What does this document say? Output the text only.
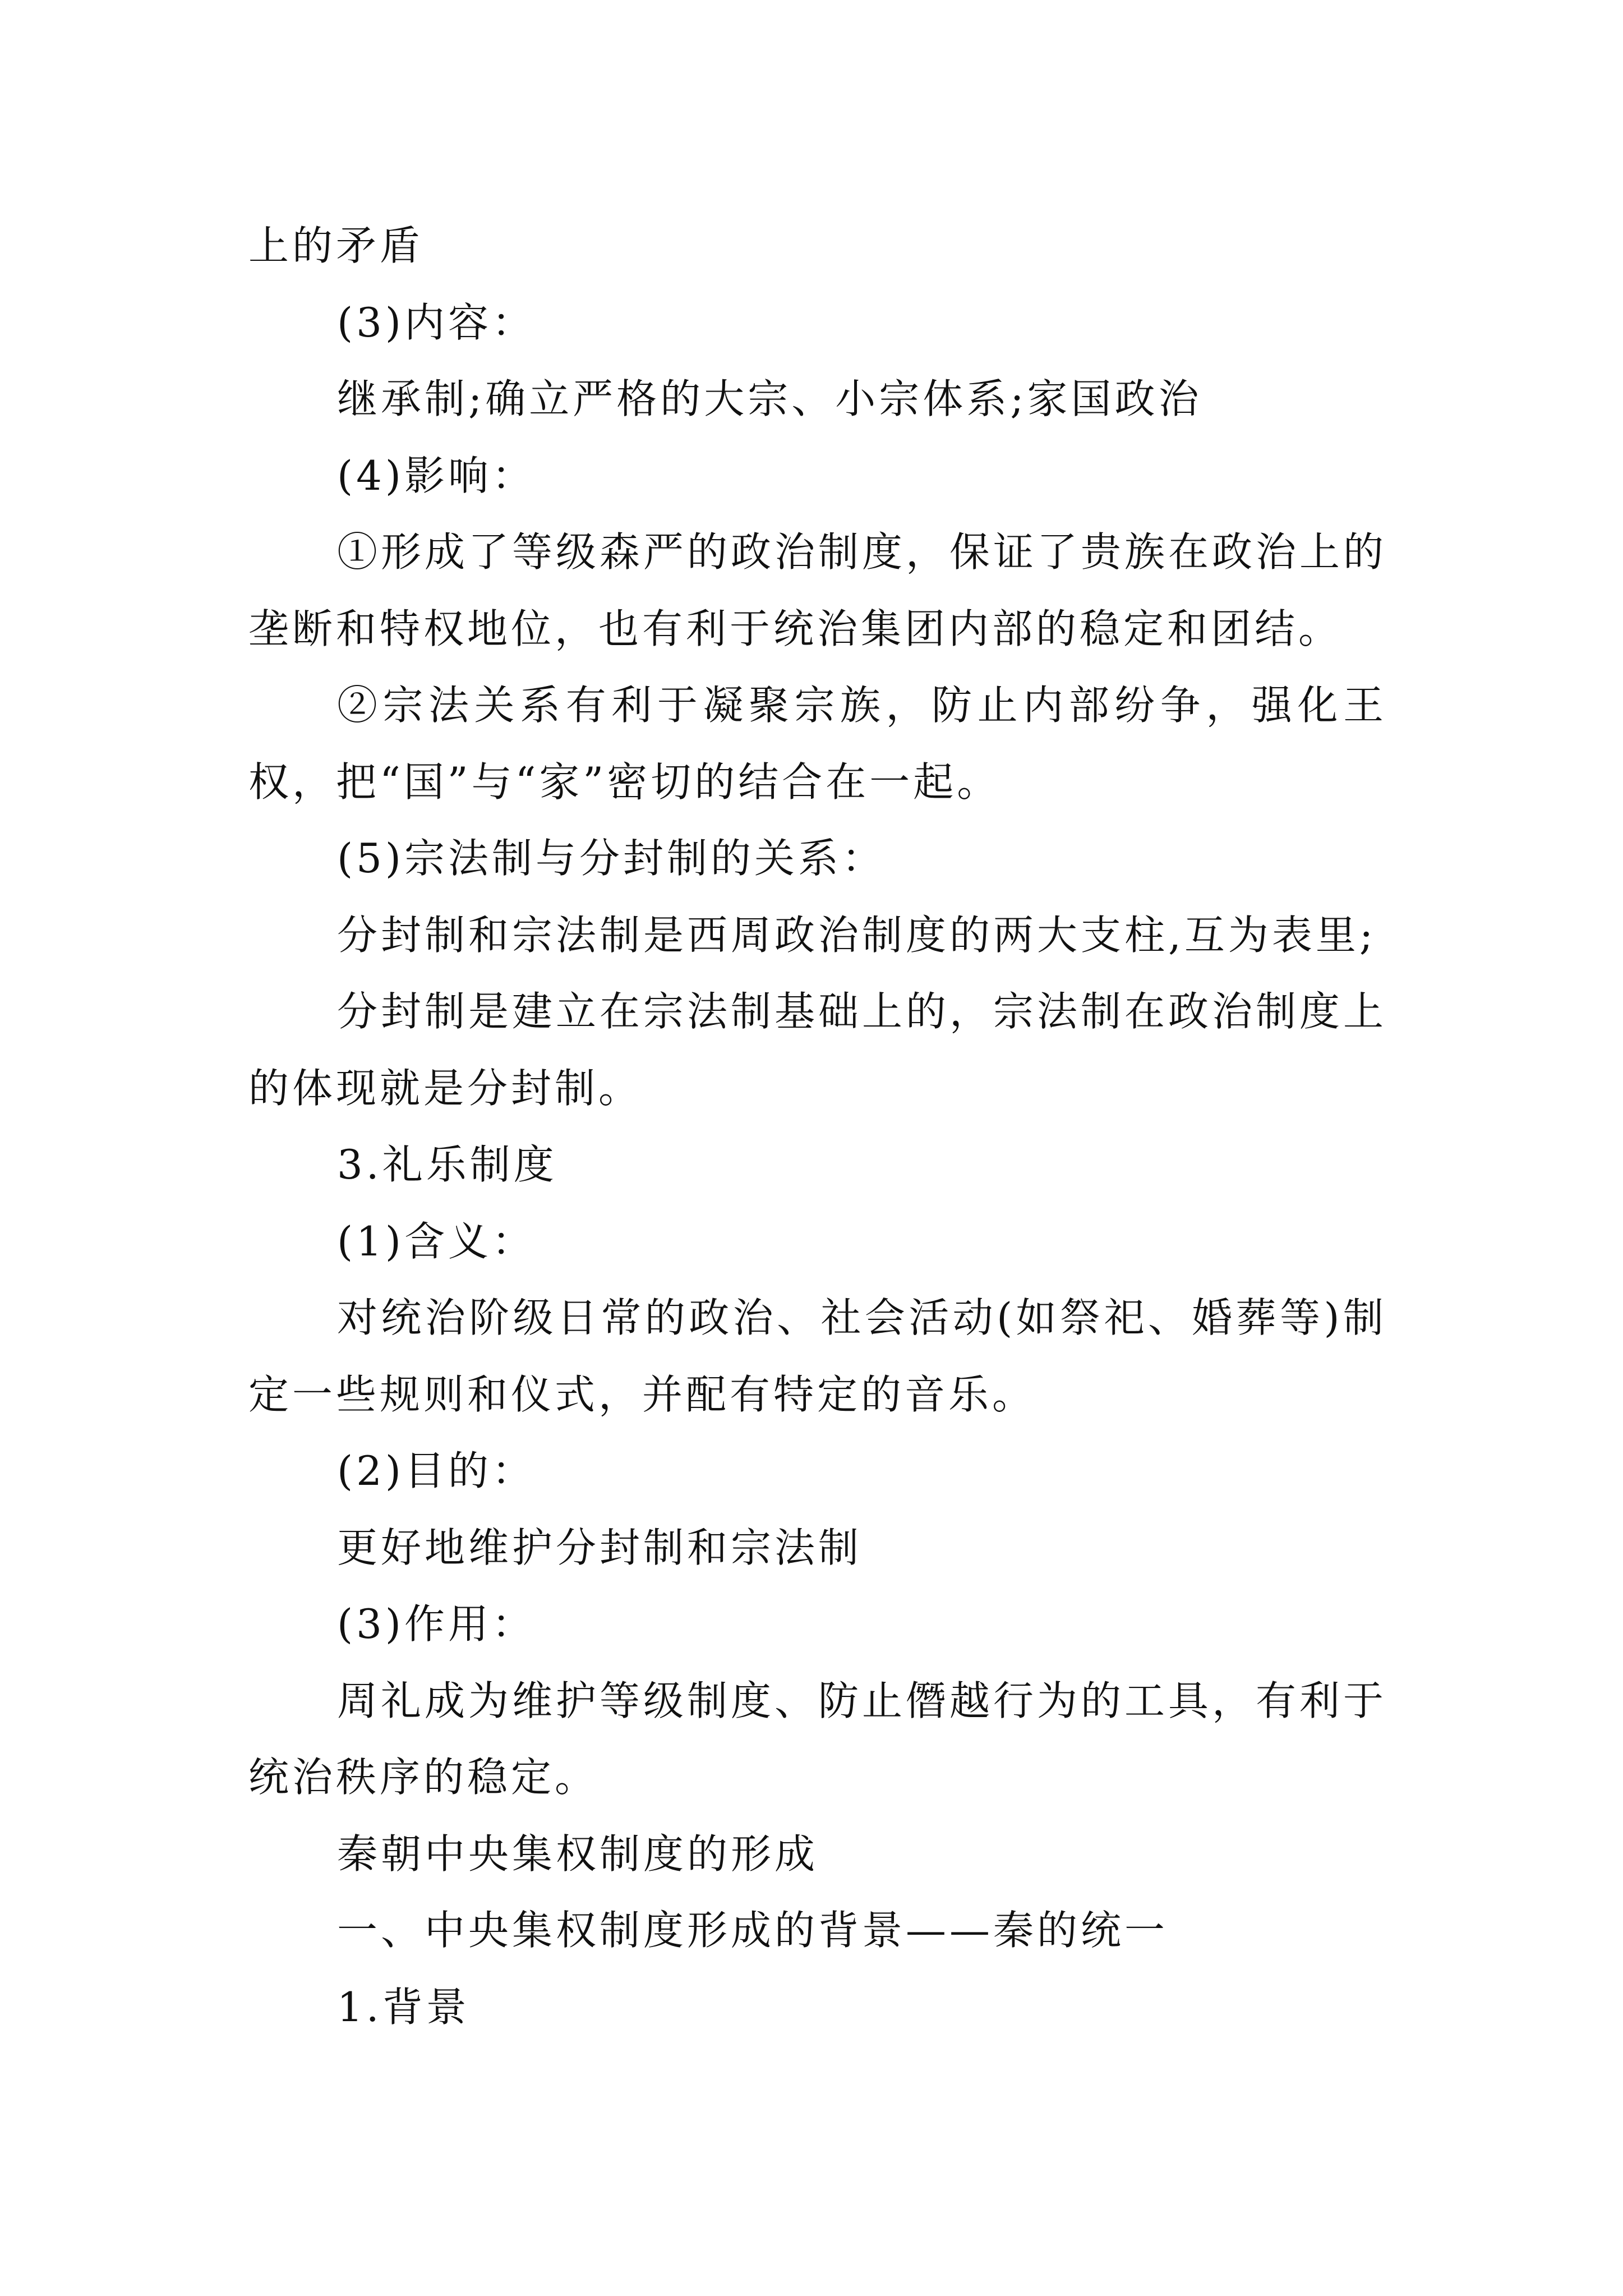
上的矛盾

(3)内容：

继承制;确立严格的大宗、小宗体系;家国政治

(4)影响：

①形成了等级森严的政治制度，保证了贵族在政治上的垄断和特权地位，也有利于统治集团内部的稳定和团结。

②宗法关系有利于凝聚宗族，防止内部纷争，强化王权，把“国”与“家”密切的结合在一起。

(5)宗法制与分封制的关系：

分封制和宗法制是西周政治制度的两大支柱,互为表里;

分封制是建立在宗法制基础上的，宗法制在政治制度上的体现就是分封制。

3.礼乐制度

(1)含义：

对统治阶级日常的政治、社会活动(如祭祀、婚葬等)制定一些规则和仪式，并配有特定的音乐。

(2)目的：

更好地维护分封制和宗法制

(3)作用：

周礼成为维护等级制度、防止僭越行为的工具，有利于统治秩序的稳定。

秦朝中央集权制度的形成

一、中央集权制度形成的背景——秦的统一

1.背景
